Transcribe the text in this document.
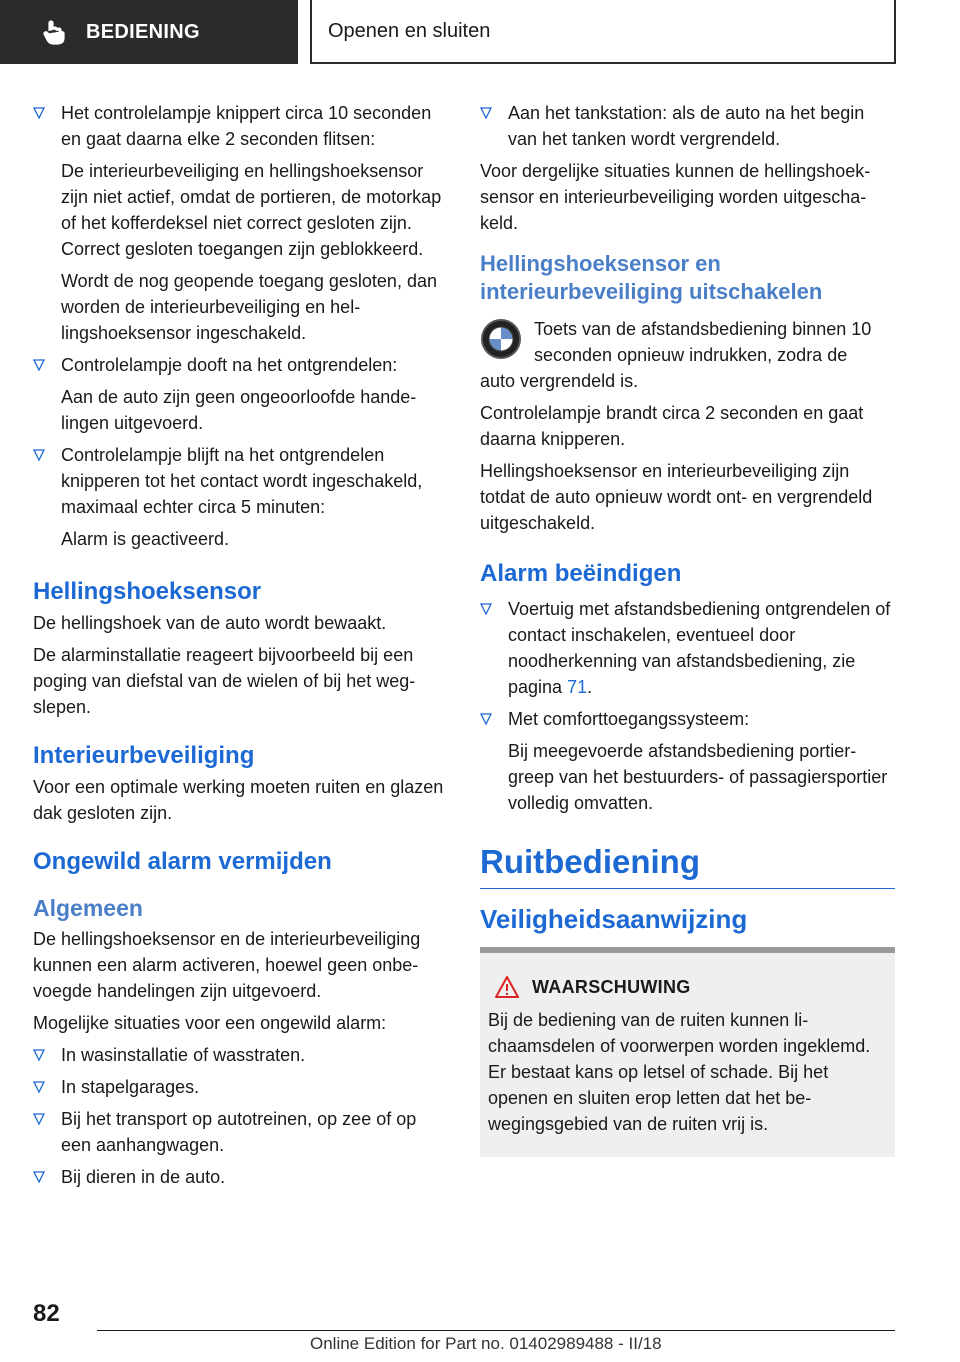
BEDIENING	Openen en sluiten
Het controlelampje knippert circa 10 seconden en gaat daarna elke 2 seconden flitsen:
De interieurbeveiliging en hellingshoeksensor zijn niet actief, omdat de portieren, de motorkap of het kofferdeksel niet correct gesloten zijn. Correct gesloten toegangen zijn geblokkeerd.
Wordt de nog geopende toegang gesloten, dan worden de interieurbeveiliging en hellingshoeksensor ingeschakeld.
Controlelampje dooft na het ontgrendelen:
Aan de auto zijn geen ongeoorloofde handelingen uitgevoerd.
Controlelampje blijft na het ontgrendelen knipperen tot het contact wordt ingeschakeld, maximaal echter circa 5 minuten:
Alarm is geactiveerd.
Hellingshoeksensor

De hellingshoek van de auto wordt bewaakt.

De alarminstallatie reageert bijvoorbeeld bij een poging van diefstal van de wielen of bij het wegslepen.

Interieurbeveiliging

Voor een optimale werking moeten ruiten en glazen dak gesloten zijn.

Ongewild alarm vermijden
Algemeen

De hellingshoeksensor en de interieurbeveiliging kunnen een alarm activeren, hoewel geen onbevoegde handelingen zijn uitgevoerd.

Mogelijke situaties voor een ongewild alarm:

In wasinstallatie of wasstraten.
In stapelgarages.
Bij het transport op autotreinen, op zee of op een aanhangwagen.
Bij dieren in de auto.
Aan het tankstation: als de auto na het begin van het tanken wordt vergrendeld.

Voor dergelijke situaties kunnen de hellingshoeksensor en interieurbeveiliging worden uitgeschakeld.

Hellingshoeksensor en interieurbeveiliging uitschakelen
Toets van de afstandsbediening binnen 10 seconden opnieuw indrukken, zodra de
auto vergrendeld is.

Controlelampje brandt circa 2 seconden en gaat daarna knipperen.

Hellingshoeksensor en interieurbeveiliging zijn totdat de auto opnieuw wordt ont- en vergrendeld uitgeschakeld.

Alarm beëindigen
Voertuig met afstandsbediening ontgrendelen of contact inschakelen, eventueel door noodherkenning van afstandsbediening, zie pagina 71.
Met comforttoegangssysteem:
Bij meegevoerde afstandsbediening portiergreep van het bestuurders- of passagiersportier volledig omvatten.
Ruitbediening
Veiligheidsaanwijzing
WAARSCHUWING

Bij de bediening van de ruiten kunnen lichaamsdelen of voorwerpen worden ingeklemd. Er bestaat kans op letsel of schade. Bij het openen en sluiten erop letten dat het bewegingsgebied van de ruiten vrij is.

82
Online Edition for Part no. 01402989488 - II/18
